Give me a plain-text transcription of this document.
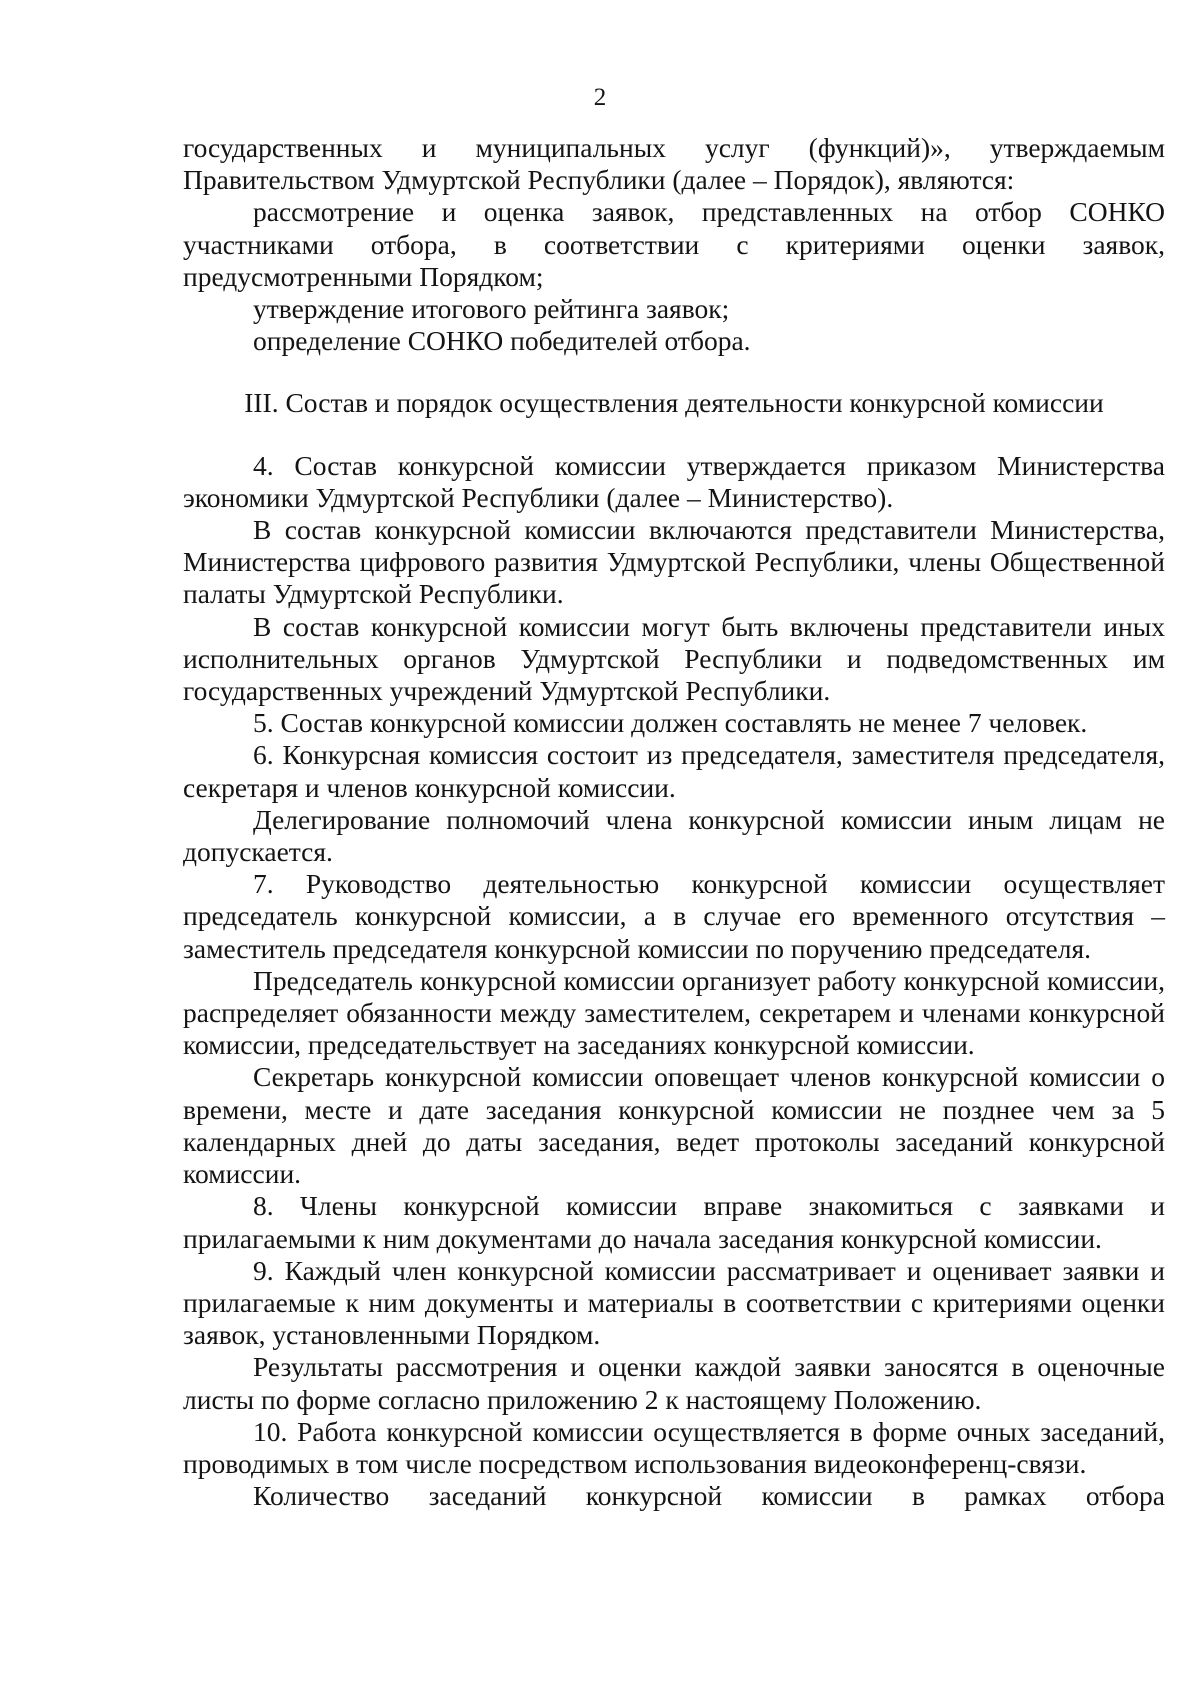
2

государственных и муниципальных услуг (функций)», утверждаемым Правительством Удмуртской Республики (далее – Порядок), являются:

рассмотрение и оценка заявок, представленных на отбор СОНКО участниками отбора, в соответствии с критериями оценки заявок, предусмотренными Порядком;

утверждение итогового рейтинга заявок;

определение СОНКО победителей отбора.

III. Состав и порядок осуществления деятельности конкурсной комиссии

4. Состав конкурсной комиссии утверждается приказом Министерства экономики Удмуртской Республики (далее – Министерство).

В состав конкурсной комиссии включаются представители Министерства, Министерства цифрового развития Удмуртской Республики, члены Общественной палаты Удмуртской Республики.

В состав конкурсной комиссии могут быть включены представители иных исполнительных органов Удмуртской Республики и подведомственных им государственных учреждений Удмуртской Республики.

5. Состав конкурсной комиссии должен составлять не менее 7 человек.

6. Конкурсная комиссия состоит из председателя, заместителя председателя, секретаря и членов конкурсной комиссии.

Делегирование полномочий члена конкурсной комиссии иным лицам не допускается.

7. Руководство деятельностью конкурсной комиссии осуществляет председатель конкурсной комиссии, а в случае его временного отсутствия – заместитель председателя конкурсной комиссии по поручению председателя.

Председатель конкурсной комиссии организует работу конкурсной комиссии, распределяет обязанности между заместителем, секретарем и членами конкурсной комиссии, председательствует на заседаниях конкурсной комиссии.

Секретарь конкурсной комиссии оповещает членов конкурсной комиссии о времени, месте и дате заседания конкурсной комиссии не позднее чем за 5 календарных дней до даты заседания, ведет протоколы заседаний конкурсной комиссии.

8. Члены конкурсной комиссии вправе знакомиться с заявками и прилагаемыми к ним документами до начала заседания конкурсной комиссии.

9. Каждый член конкурсной комиссии рассматривает и оценивает заявки и прилагаемые к ним документы и материалы в соответствии с критериями оценки заявок, установленными Порядком.

Результаты рассмотрения и оценки каждой заявки заносятся в оценочные листы по форме согласно приложению 2 к настоящему Положению.

10. Работа конкурсной комиссии осуществляется в форме очных заседаний, проводимых в том числе посредством использования видеоконференц-связи.

Количество заседаний конкурсной комиссии в рамках отбора
